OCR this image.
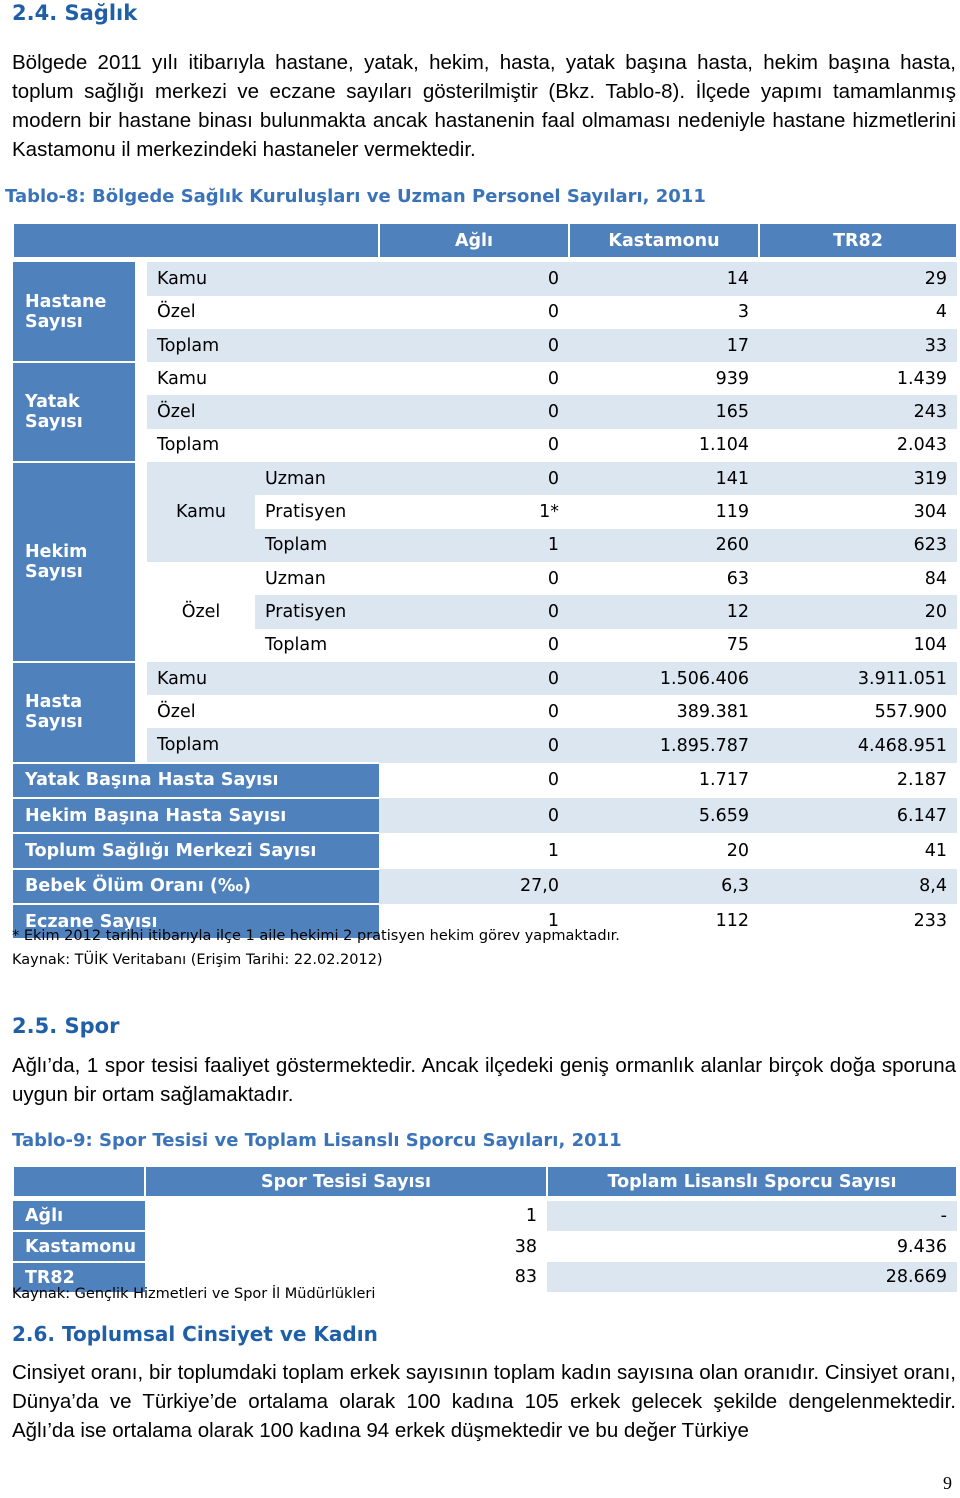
2.4. Sağlık

Bölgede 2011 yılı itibarıyla hastane, yatak, hekim, hasta, yatak başına hasta, hekim başına hasta, toplum sağlığı merkezi ve eczane sayıları gösterilmiştir (Bkz. Tablo-8). İlçede yapımı tamamlanmış modern bir hastane binası bulunmakta ancak hastanenin faal olmaması nedeniyle hastane hizmetlerini Kastamonu il merkezindeki hastaneler vermektedir.

Tablo-8: Bölgede Sağlık Kuruluşları ve Uzman Personel Sayıları, 2011

				Ağlı	Kastamonu	TR82

Hastane Sayısı		Kamu		0	14	29
		Özel		0	3	4
		Toplam		0	17	33
Yatak Sayısı		Kamu		0	939	1.439
		Özel		0	165	243
		Toplam		0	1.104	2.043
Hekim Sayısı		Kamu	Uzman	0	141	319
			Pratisyen	1*	119	304
			Toplam	1	260	623
		Özel	Uzman	0	63	84
			Pratisyen	0	12	20
			Toplam	0	75	104
Hasta Sayısı		Kamu		0	1.506.406	3.911.051
		Özel		0	389.381	557.900
		Toplam		0	1.895.787	4.468.951
Yatak Başına Hasta Sayısı				0	1.717	2.187
Hekim Başına Hasta Sayısı				0	5.659	6.147
Toplum Sağlığı Merkezi Sayısı				1	20	41
Bebek Ölüm Oranı (‰)				27,0	6,3	8,4
Eczane Sayısı				1	112	233

* Ekim 2012 tarihi itibarıyla ilçe 1 aile hekimi 2 pratisyen hekim görev yapmaktadır.

Kaynak: TÜİK Veritabanı (Erişim Tarihi: 22.02.2012)

2.5. Spor

Ağlı’da, 1 spor tesisi faaliyet göstermektedir. Ancak ilçedeki geniş ormanlık alanlar birçok doğa sporuna uygun bir ortam sağlamaktadır.

Tablo-9: Spor Tesisi ve Toplam Lisanslı Sporcu Sayıları, 2011

	Spor Tesisi Sayısı	Toplam Lisanslı Sporcu Sayısı

Ağlı	1	-
Kastamonu	38	9.436
TR82	83	28.669

Kaynak: Gençlik Hizmetleri ve Spor İl Müdürlükleri

2.6. Toplumsal Cinsiyet ve Kadın

Cinsiyet oranı, bir toplumdaki toplam erkek sayısının toplam kadın sayısına olan oranıdır. Cinsiyet oranı, Dünya’da ve Türkiye’de ortalama olarak 100 kadına 105 erkek gelecek şekilde dengelenmektedir. Ağlı’da ise ortalama olarak 100 kadına 94 erkek düşmektedir ve bu değer Türkiye

9
